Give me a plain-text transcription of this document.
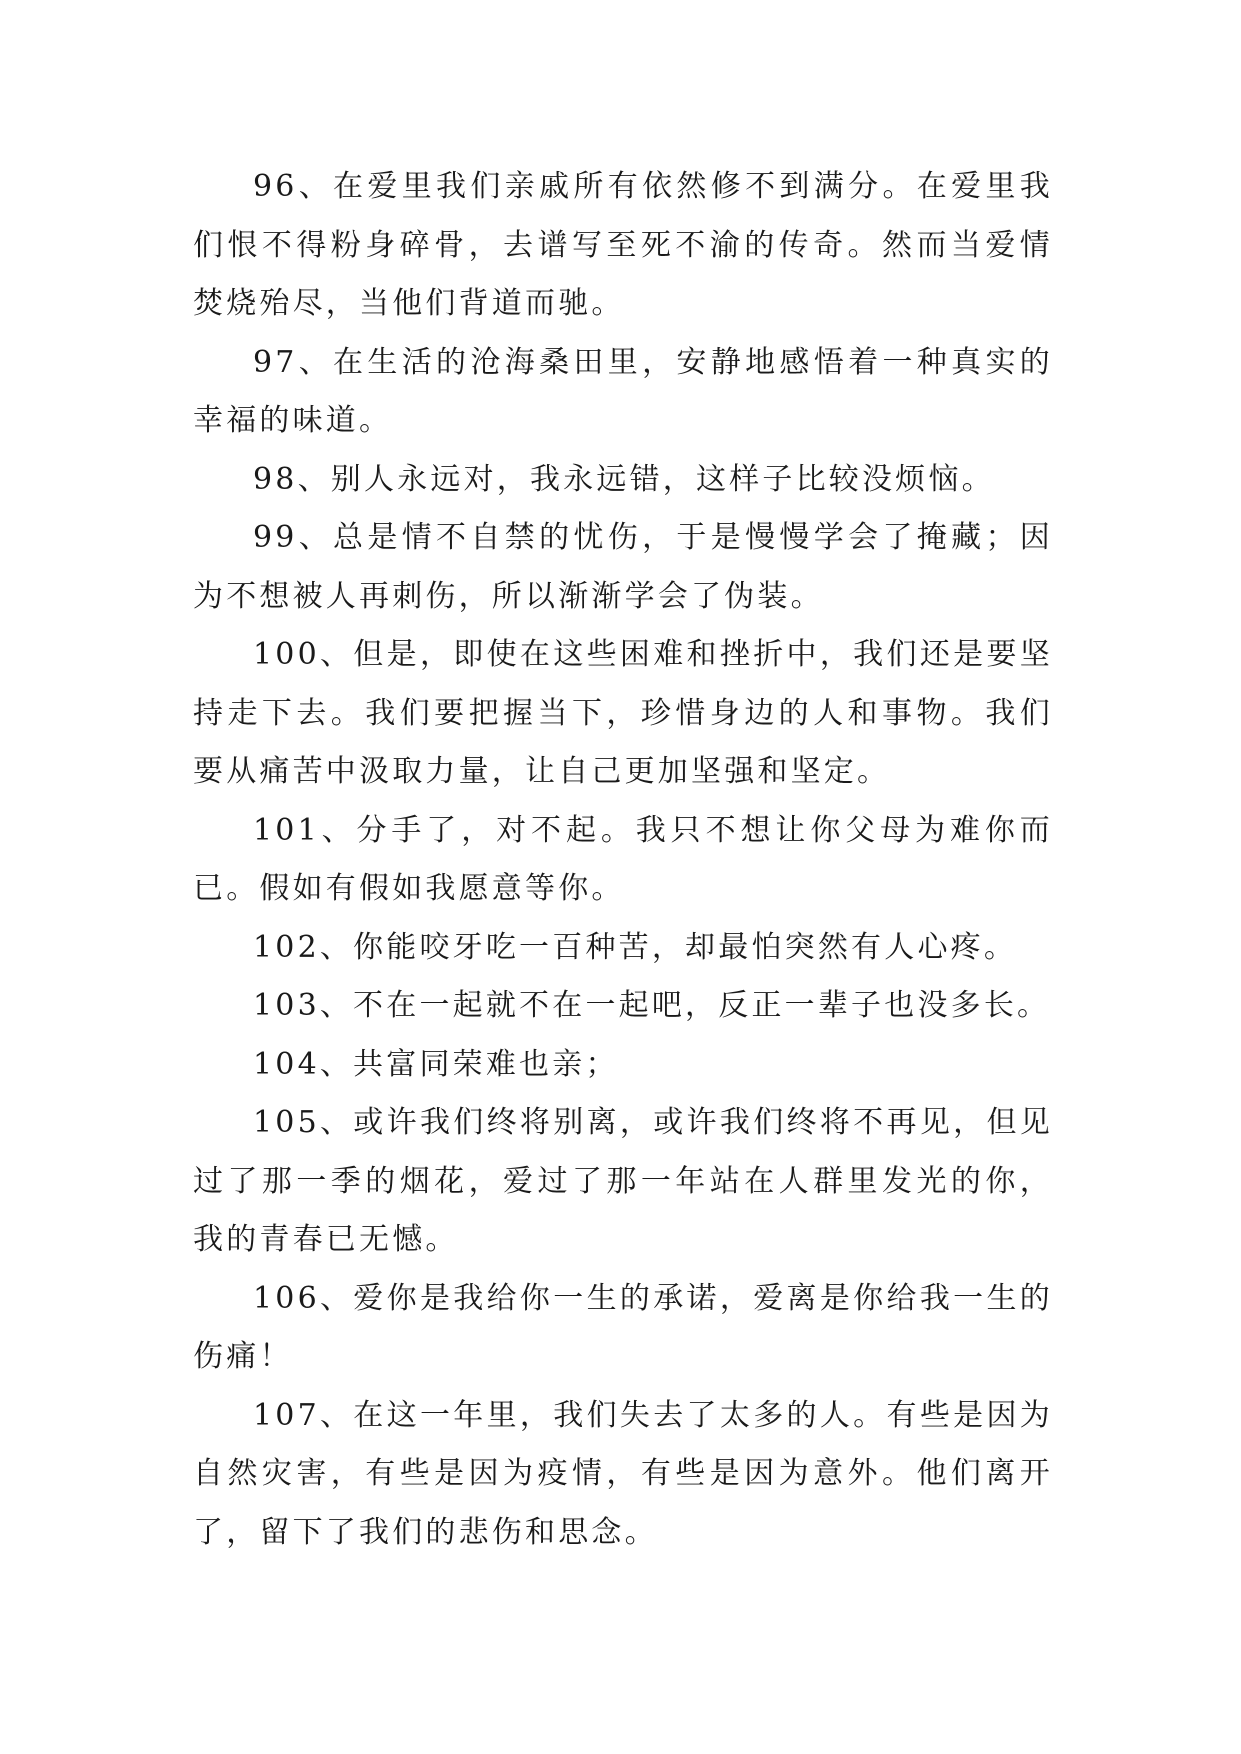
96、在爱里我们亲戚所有依然修不到满分。在爱里我们恨不得粉身碎骨，去谱写至死不渝的传奇。然而当爱情焚烧殆尽，当他们背道而驰。

97、在生活的沧海桑田里，安静地感悟着一种真实的幸福的味道。

98、别人永远对，我永远错，这样子比较没烦恼。

99、总是情不自禁的忧伤，于是慢慢学会了掩藏；因为不想被人再刺伤，所以渐渐学会了伪装。

100、但是，即使在这些困难和挫折中，我们还是要坚持走下去。我们要把握当下，珍惜身边的人和事物。我们要从痛苦中汲取力量，让自己更加坚强和坚定。

101、分手了，对不起。我只不想让你父母为难你而已。假如有假如我愿意等你。

102、你能咬牙吃一百种苦，却最怕突然有人心疼。

103、不在一起就不在一起吧，反正一辈子也没多长。

104、共富同荣难也亲；

105、或许我们终将别离，或许我们终将不再见，但见过了那一季的烟花，爱过了那一年站在人群里发光的你，我的青春已无憾。

106、爱你是我给你一生的承诺，爱离是你给我一生的伤痛！

107、在这一年里，我们失去了太多的人。有些是因为自然灾害，有些是因为疫情，有些是因为意外。他们离开了，留下了我们的悲伤和思念。
